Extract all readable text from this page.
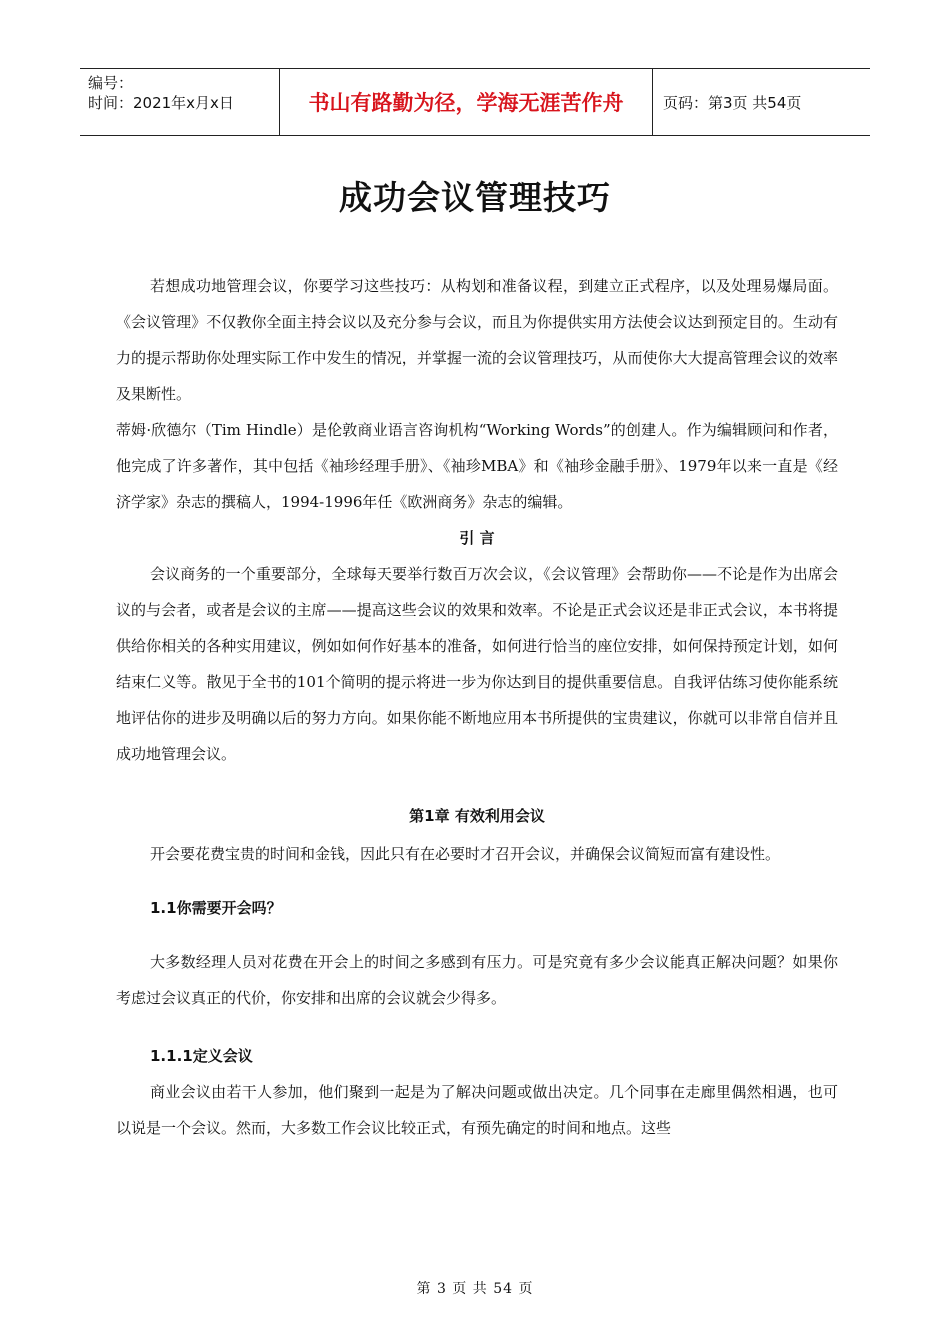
编号：
时间：2021年x月x日	书山有路勤为径，学海无涯苦作舟	页码：第3页 共54页
成功会议管理技巧

若想成功地管理会议，你要学习这些技巧：从构划和准备议程，到建立正式程序，以及处理易爆局面。《会议管理》不仅教你全面主持会议以及充分参与会议，而且为你提供实用方法使会议达到预定目的。生动有力的提示帮助你处理实际工作中发生的情况，并掌握一流的会议管理技巧，从而使你大大提高管理会议的效率及果断性。

蒂姆·欣德尔（Tim Hindle）是伦敦商业语言咨询机构“Working Words”的创建人。作为编辑顾问和作者，他完成了许多著作，其中包括《袖珍经理手册》、《袖珍MBA》和《袖珍金融手册》、1979年以来一直是《经济学家》杂志的撰稿人，1994-1996年任《欧洲商务》杂志的编辑。

引 言

会议商务的一个重要部分，全球每天要举行数百万次会议，《会议管理》会帮助你——不论是作为出席会议的与会者，或者是会议的主席——提高这些会议的效果和效率。不论是正式会议还是非正式会议，本书将提供给你相关的各种实用建议，例如如何作好基本的准备，如何进行恰当的座位安排，如何保持预定计划，如何结束仁义等。散见于全书的101个简明的提示将进一步为你达到目的提供重要信息。自我评估练习使你能系统地评估你的进步及明确以后的努力方向。如果你能不断地应用本书所提供的宝贵建议，你就可以非常自信并且成功地管理会议。

第1章 有效利用会议

开会要花费宝贵的时间和金钱，因此只有在必要时才召开会议，并确保会议简短而富有建设性。

1.1你需要开会吗？

大多数经理人员对花费在开会上的时间之多感到有压力。可是究竟有多少会议能真正解决问题？如果你考虑过会议真正的代价，你安排和出席的会议就会少得多。

1.1.1定义会议

商业会议由若干人参加，他们聚到一起是为了解决问题或做出决定。几个同事在走廊里偶然相遇，也可以说是一个会议。然而，大多数工作会议比较正式，有预先确定的时间和地点。这些

第 3 页 共 54 页
